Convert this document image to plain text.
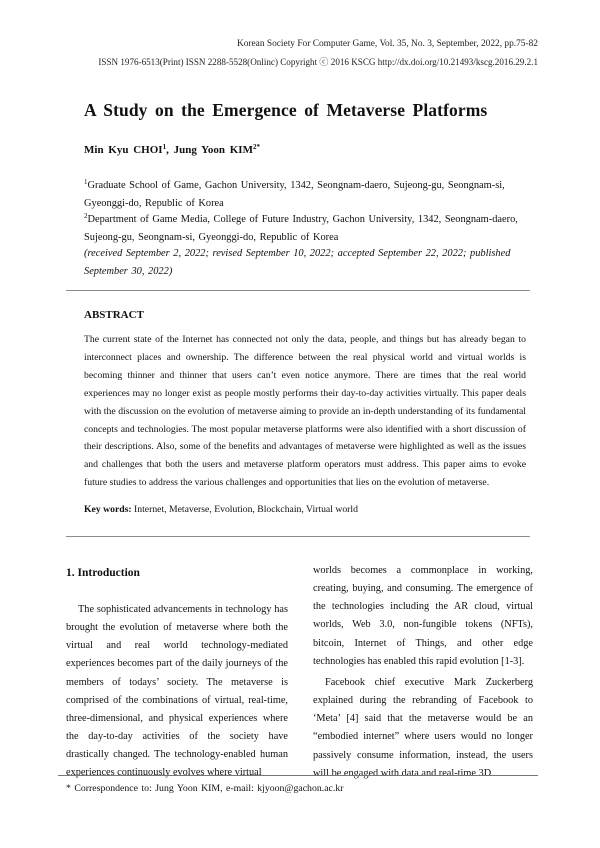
Korean Society For Computer Game, Vol. 35, No. 3, September, 2022, pp.75-82
ISSN 1976-6513(Print) ISSN 2288-5528(Onlinc) Copyright ⓒ 2016 KSCG http://dx.doi.org/10.21493/kscg.2016.29.2.1
A Study on the Emergence of Metaverse Platforms
Min Kyu CHOI$^1$, Jung Yoon $KIM^{2*}$
$^1$Graduate School of Game, Gachon University, 1342, Seongnam-daero, Sujeong-gu, Seongnam-si, Gyeonggi-do, Republic of Korea
$^2$Department of Game Media, College of Future Industry, Gachon University, 1342, Seongnam-daero, Sujeong-gu, Seongnam-si, Gyeonggi-do, Republic of Korea
(received September 2, 2022; revised September 10, 2022; accepted September 22, 2022; published September 30, 2022)
ABSTRACT
The current state of the Internet has connected not only the data, people, and things but has already began to interconnect places and ownership. The difference between the real physical world and virtual worlds is becoming thinner and thinner that users can’t even notice anymore. There are times that the real world experiences may no longer exist as people mostly performs their day-to-day activities virtually. This paper deals with the discussion on the evolution of metaverse aiming to provide an in-depth understanding of its fundamental concepts and technologies. The most popular metaverse platforms were also identified with a short discussion of their descriptions. Also, some of the benefits and advantages of metaverse were highlighted as well as the issues and challenges that both the users and metaverse platform operators must address. This paper aims to evoke future studies to address the various challenges and opportunities that lies on the evolution of metaverse.
Key words: Internet, Metaverse, Evolution, Blockchain, Virtual world
1. Introduction

The sophisticated advancements in technology has brought the evolution of metaverse where both the virtual and real world technology-mediated experiences becomes part of the daily journeys of the members of todays’ society. The metaverse is comprised of the combinations of virtual, real-time, three-dimensional, and physical experiences where the day-to-day activities of the society have drastically changed. The technology-enabled human experiences continuously evolves where virtual

worlds becomes a commonplace in working, creating, buying, and consuming. The emergence of the technologies including the AR cloud, virtual worlds, Web 3.0, non-fungible tokens (NFTs), bitcoin, Internet of Things, and other edge technologies has enabled this rapid evolution [1-3].

Facebook chief executive Mark Zuckerberg explained during the rebranding of Facebook to ‘Meta’ [4] said that the metaverse would be an “embodied internet” where users would no longer passively consume information, instead, the users will be engaged with data and real-time 3D

* Correspondence to: Jung Yoon KIM, e-mail: kjyoon@gachon.ac.kr
